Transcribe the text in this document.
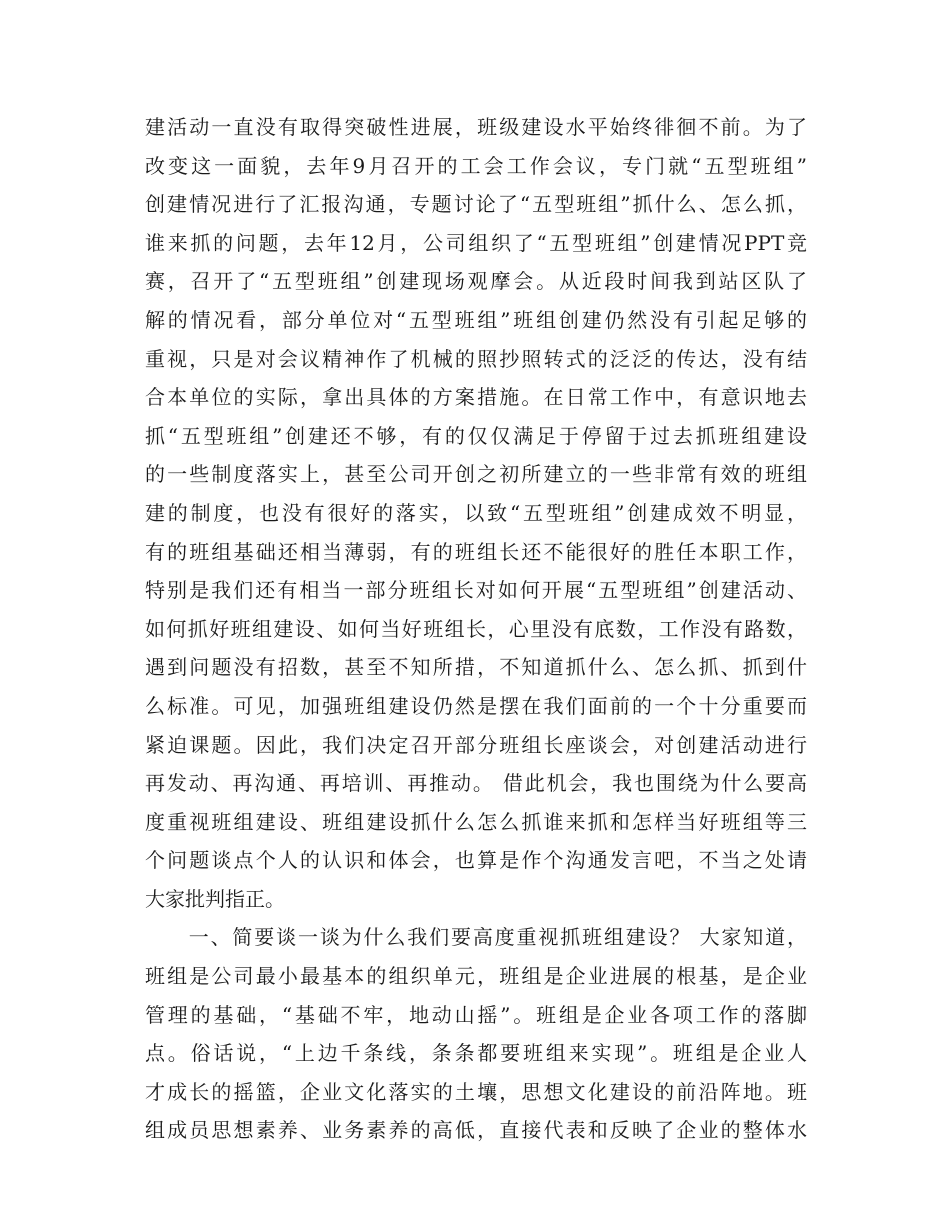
建活动一直没有取得突破性进展，班级建设水平始终徘徊不前。为了
改变这一面貌，去年9月召开的工会工作会议，专门就“五型班组”
创建情况进行了汇报沟通，专题讨论了“五型班组”抓什么、怎么抓，
谁来抓的问题，去年12月，公司组织了“五型班组”创建情况PPT竞
赛，召开了“五型班组”创建现场观摩会。从近段时间我到站区队了
解的情况看，部分单位对“五型班组”班组创建仍然没有引起足够的
重视，只是对会议精神作了机械的照抄照转式的泛泛的传达，没有结
合本单位的实际，拿出具体的方案措施。在日常工作中，有意识地去
抓“五型班组”创建还不够，有的仅仅满足于停留于过去抓班组建设
的一些制度落实上，甚至公司开创之初所建立的一些非常有效的班组
建的制度，也没有很好的落实，以致“五型班组”创建成效不明显，
有的班组基础还相当薄弱，有的班组长还不能很好的胜任本职工作，
特别是我们还有相当一部分班组长对如何开展“五型班组”创建活动、
如何抓好班组建设、如何当好班组长，心里没有底数，工作没有路数，
遇到问题没有招数，甚至不知所措，不知道抓什么、怎么抓、抓到什
么标准。可见，加强班组建设仍然是摆在我们面前的一个十分重要而
紧迫课题。因此，我们决定召开部分班组长座谈会，对创建活动进行
再发动、再沟通、再培训、再推动。 借此机会，我也围绕为什么要高
度重视班组建设、班组建设抓什么怎么抓谁来抓和怎样当好班组等三
个问题谈点个人的认识和体会，也算是作个沟通发言吧，不当之处请
大家批判指正。
　　一、简要谈一谈为什么我们要高度重视抓班组建设？ 大家知道，
班组是公司最小最基本的组织单元，班组是企业进展的根基，是企业
管理的基础，“基础不牢，地动山摇”。班组是企业各项工作的落脚
点。俗话说，“上边千条线，条条都要班组来实现”。班组是企业人
才成长的摇篮，企业文化落实的土壤，思想文化建设的前沿阵地。班
组成员思想素养、业务素养的高低，直接代表和反映了企业的整体水
